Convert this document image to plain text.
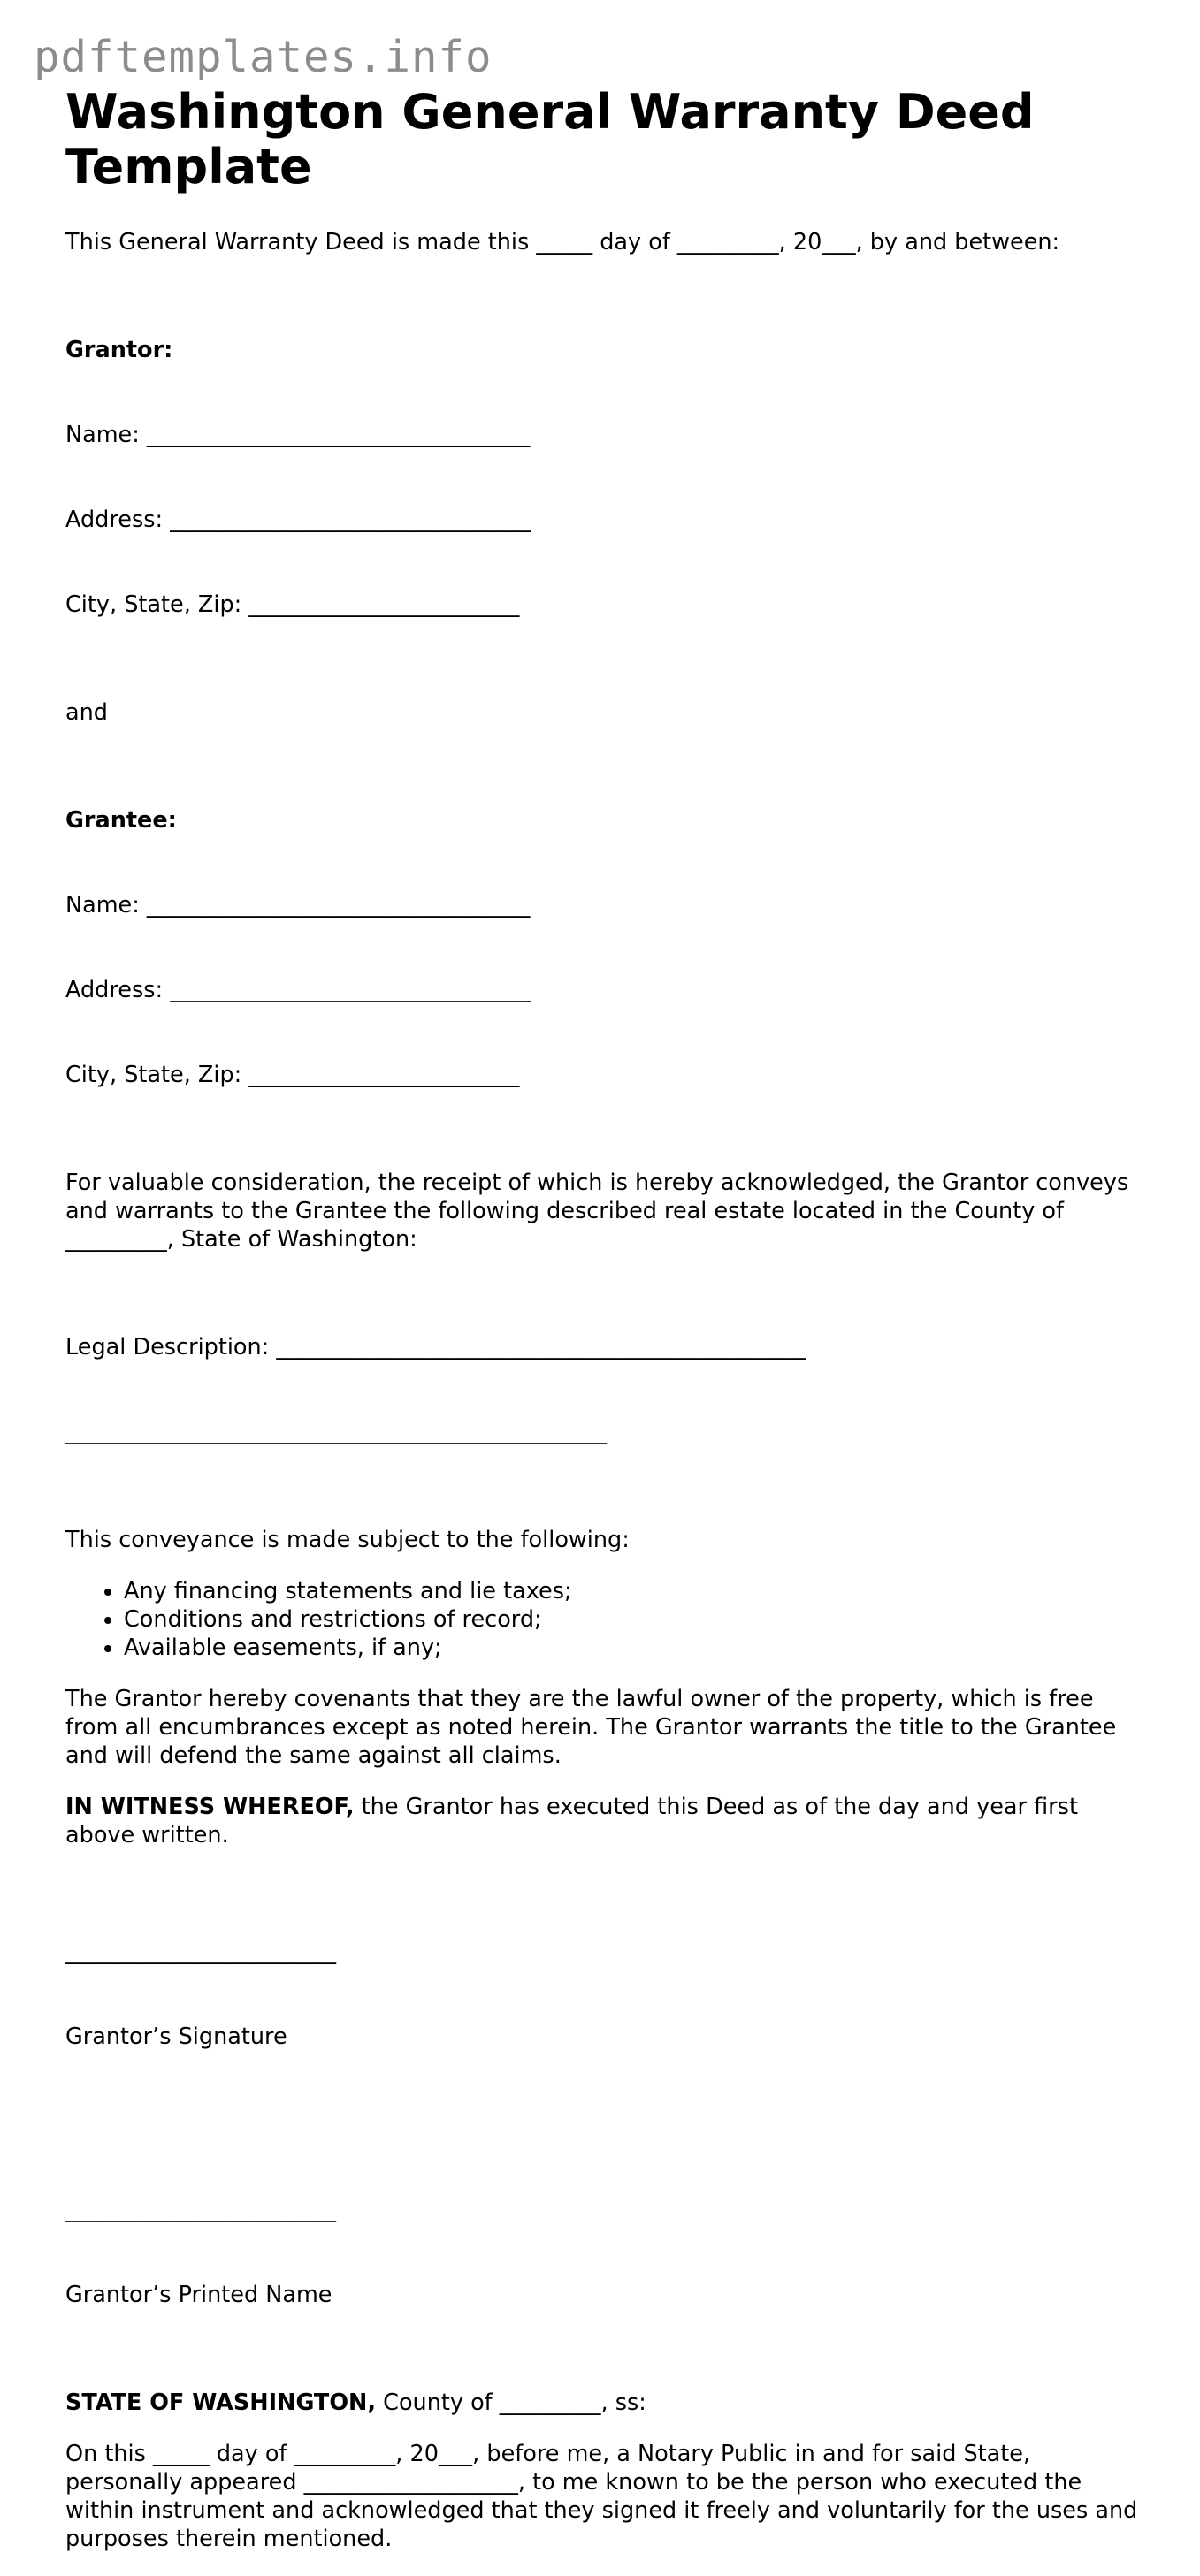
pdftemplates.info
Washington General Warranty Deed Template

This General Warranty Deed is made this _____ day of _________, 20___, by and between:

Grantor:

Name: __________________________________

Address: ________________________________

City, State, Zip: ________________________

and

Grantee:

Name: __________________________________

Address: ________________________________

City, State, Zip: ________________________

For valuable consideration, the receipt of which is hereby acknowledged, the Grantor conveys and warrants to the Grantee the following described real estate located in the County of _________, State of Washington:

Legal Description: _______________________________________________

________________________________________________

This conveyance is made subject to the following:

• Any financing statements and lie taxes;
• Conditions and restrictions of record;
• Available easements, if any;

The Grantor hereby covenants that they are the lawful owner of the property, which is free from all encumbrances except as noted herein. The Grantor warrants the title to the Grantee and will defend the same against all claims.

IN WITNESS WHEREOF, the Grantor has executed this Deed as of the day and year first above written.

________________________

Grantor’s Signature

________________________

Grantor’s Printed Name

STATE OF WASHINGTON, County of _________, ss:

On this _____ day of _________, 20___, before me, a Notary Public in and for said State, personally appeared ___________________, to me known to be the person who executed the within instrument and acknowledged that they signed it freely and voluntarily for the uses and purposes therein mentioned.
